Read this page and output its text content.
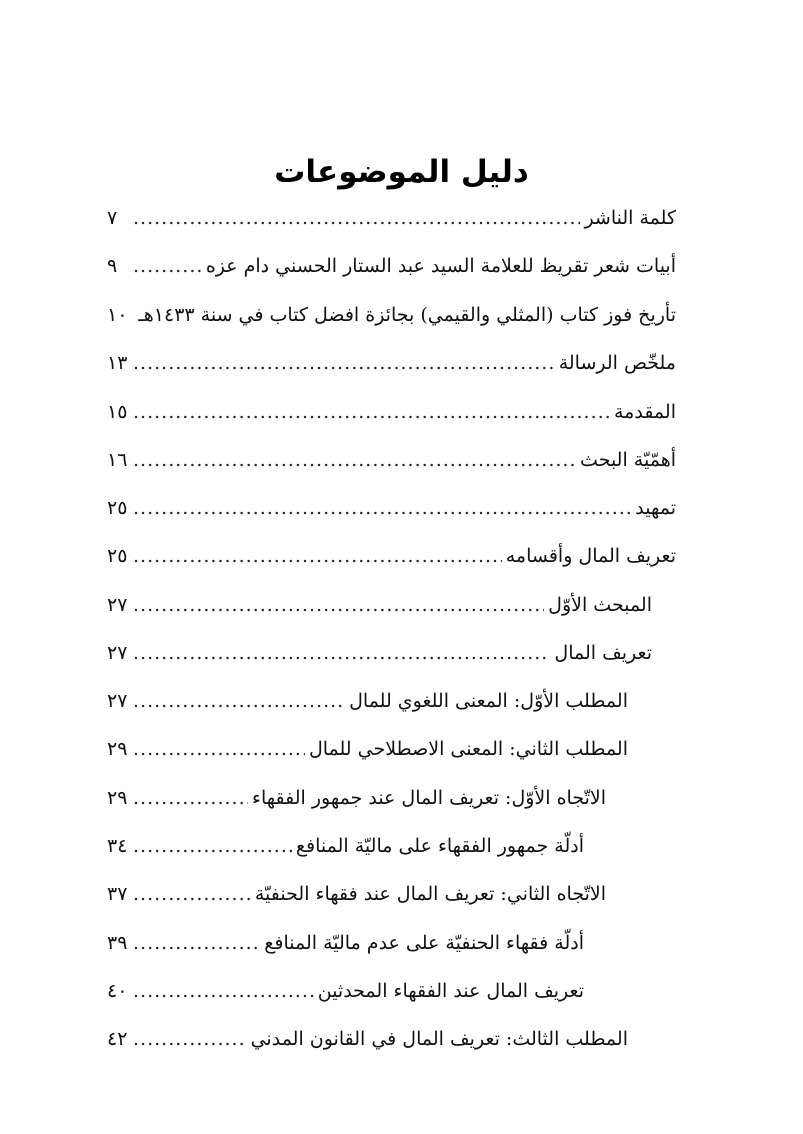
دليل الموضوعات
كلمة الناشر
.....
٧
أبيات شعر تقريظ للعلامة السيد عبد الستار الحسني دام عزه
.....
٩
تأريخ فوز كتاب (المثلي والقيمي) بجائزة افضل كتاب في سنة ١٤٣٣هـ
.....
١٠
ملخّص الرسالة
.....
١٣
المقدمة
.....
١٥
أهمّيّة البحث
.....
١٦
تمهيد
.....
٢٥
تعريف المال وأقسامه
.....
٢٥
المبحث الأوّل
.....
٢٧
تعريف المال
.....
٢٧
المطلب الأوّل: المعنى اللغوي للمال
.....
٢٧
المطلب الثاني: المعنى الاصطلاحي للمال
.....
٢٩
الاتّجاه الأوّل: تعريف المال عند جمهور الفقهاء
.....
٢٩
أدلّة جمهور الفقهاء على ماليّة المنافع
.....
٣٤
الاتّجاه الثاني: تعريف المال عند فقهاء الحنفيّة
.....
٣٧
أدلّة فقهاء الحنفيّة على عدم ماليّة المنافع
.....
٣٩
تعريف المال عند الفقهاء المحدثين
.....
٤٠
المطلب الثالث: تعريف المال في القانون المدني
.....
٤٢
